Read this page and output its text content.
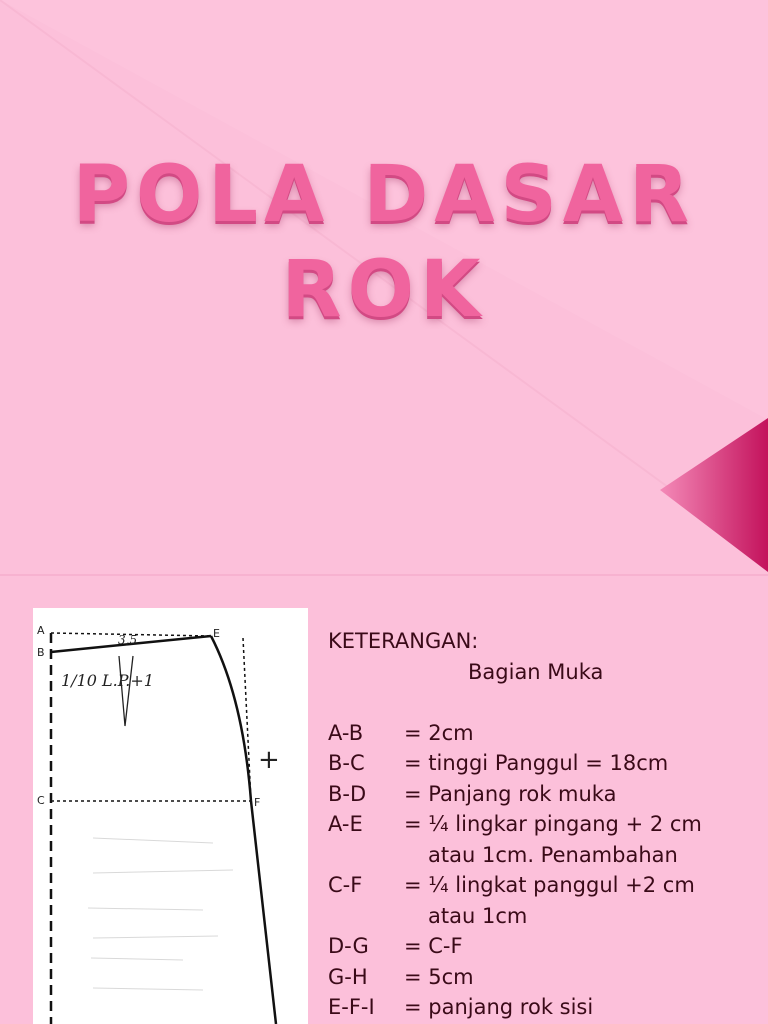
POLA DASAR
ROK
3,5
1/10 L.P.+1
+
A
B
C
E
F

KETERANGAN:

Bagian Muka

A-B	= 2cm
B-C	= tinggi Panggul = 18cm
B-D	= Panjang rok muka
A-E	= ¼ lingkar pingang + 2 cm
atau 1cm. Penambahan
C-F	= ¼ lingkat panggul +2 cm
atau 1cm
D-G	= C-F
G-H	= 5cm
E-F-I	= panjang rok sisi
